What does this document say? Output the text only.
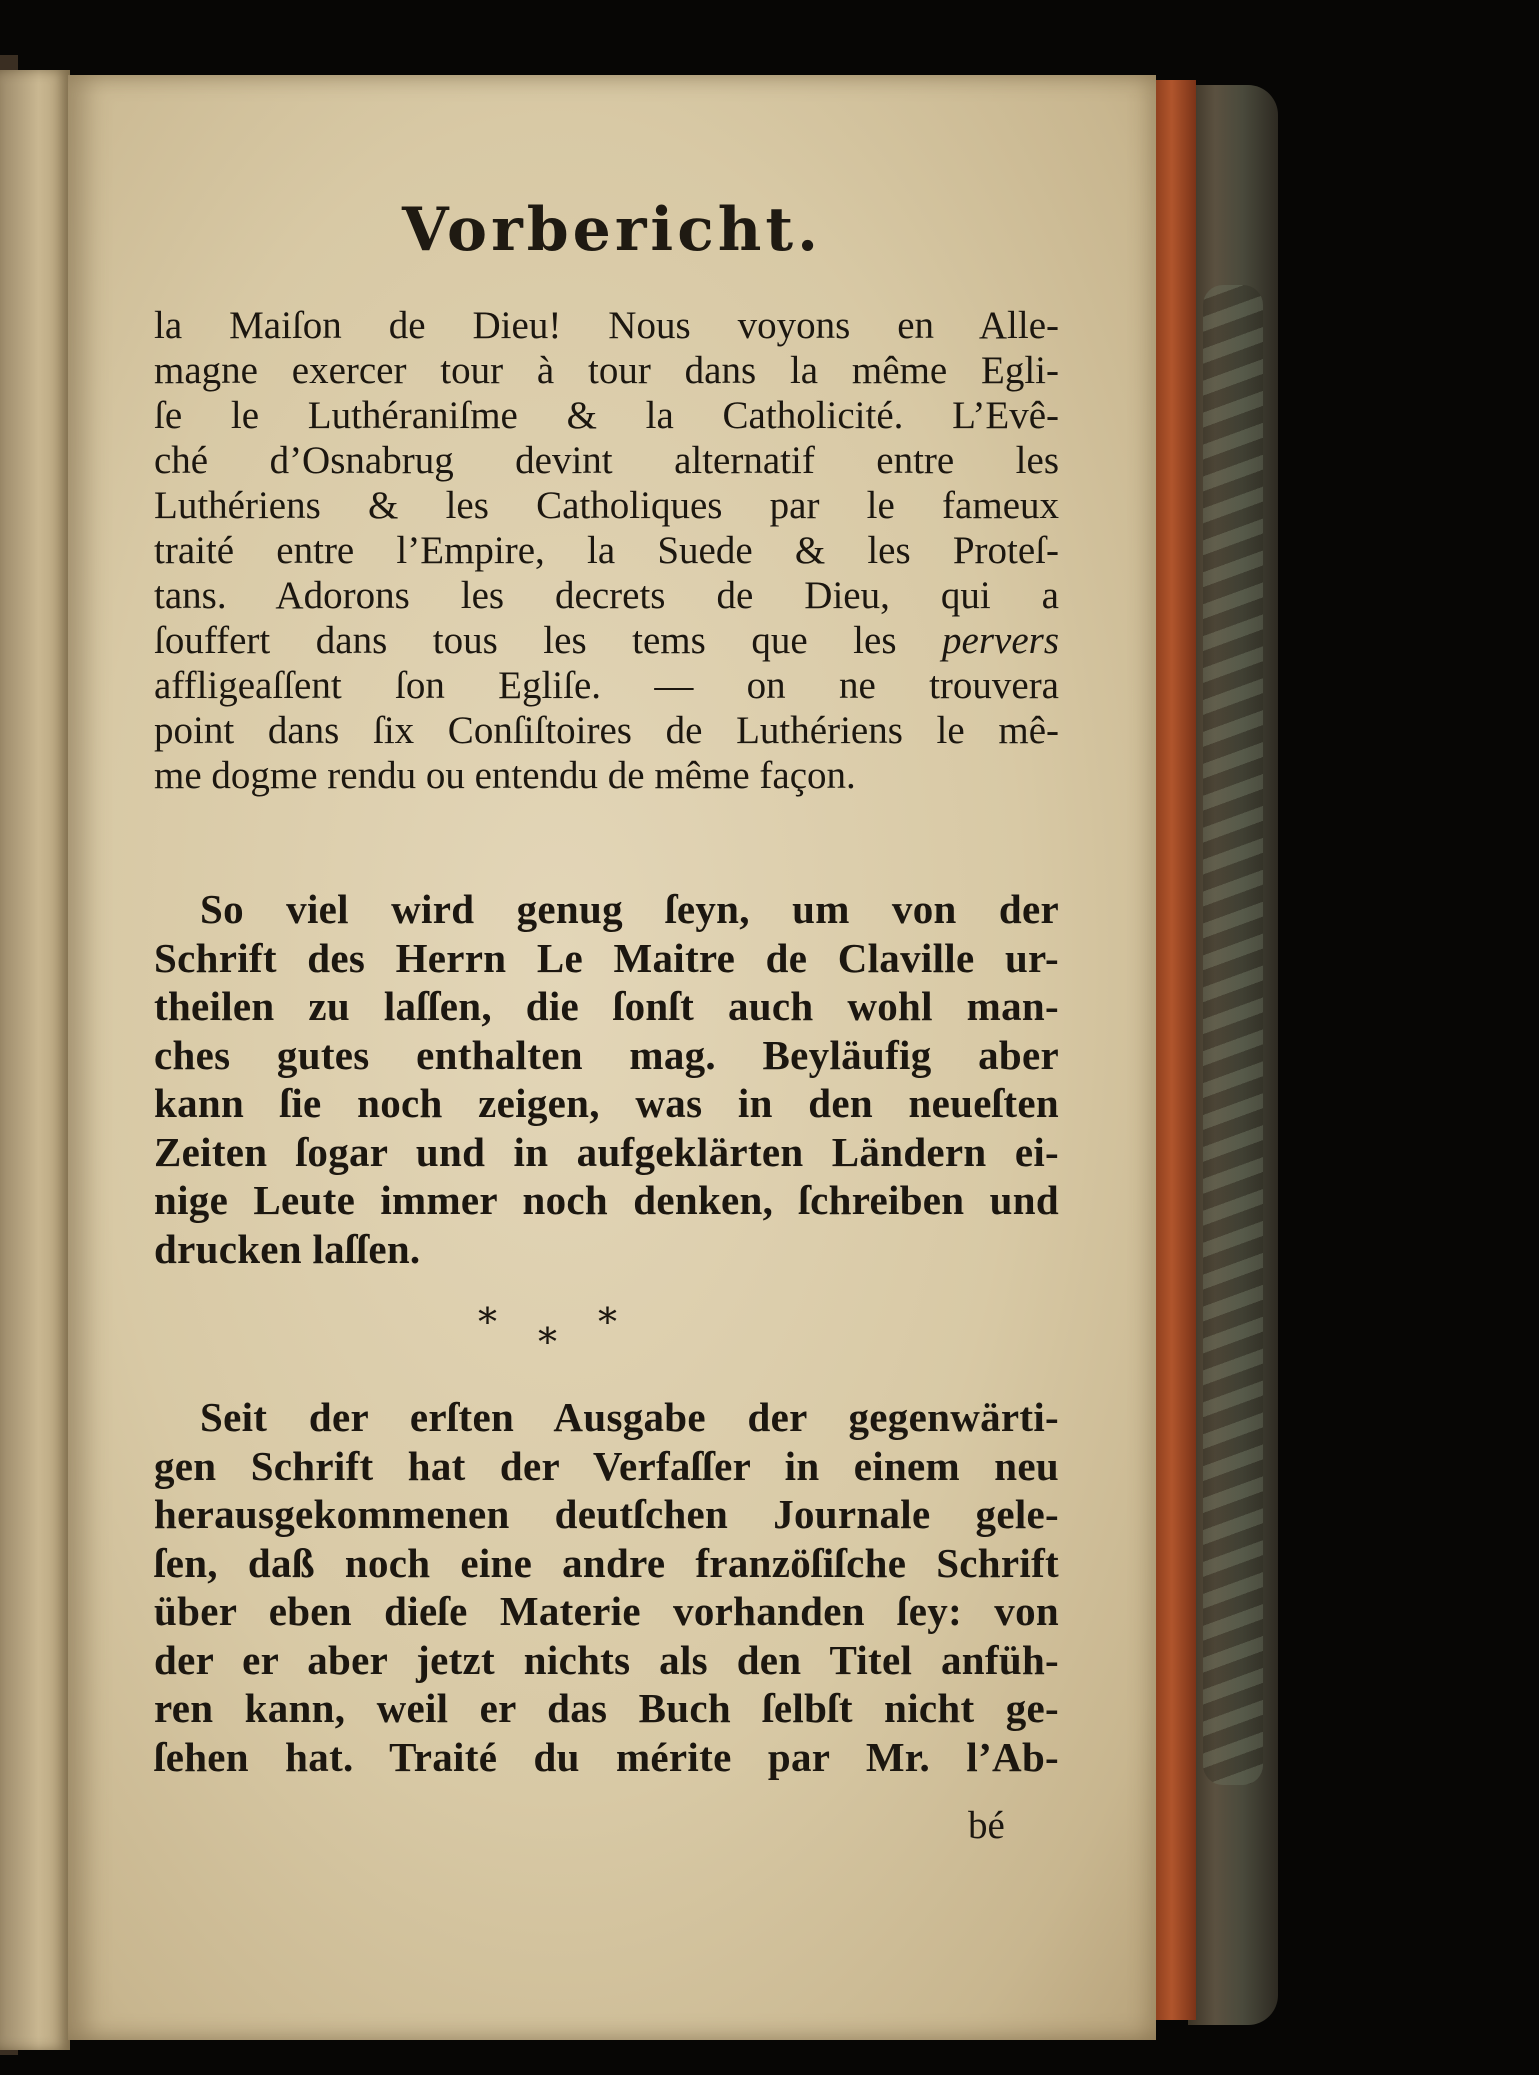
Vorbericht.
la Maiſon de Dieu! Nous voyons en Alle-
magne exercer tour à tour dans la même Egli-
ſe le Luthéraniſme & la Catholicité. L’Evê-
ché d’Osnabrug devint alternatif entre les
Luthériens & les Catholiques par le fameux
traité entre l’Empire, la Suede & les Proteſ-
tans. Adorons les decrets de Dieu, qui a
ſouffert dans tous les tems que les pervers
affligeaſſent ſon Egliſe. — on ne trouvera
point dans ſix Conſiſtoires de Luthériens le mê-
me dogme rendu ou entendu de même façon.
So viel wird genug ſeyn, um von der
Schrift des Herrn Le Maitre de Claville ur-
theilen zu laſſen, die ſonſt auch wohl man-
ches gutes enthalten mag. Beyläufig aber
kann ſie noch zeigen, was in den neueſten
Zeiten ſogar und in aufgeklärten Ländern ei-
nige Leute immer noch denken, ſchreiben und
drucken laſſen.
* * *
Seit der erſten Ausgabe der gegenwärti-
gen Schrift hat der Verfaſſer in einem neu
herausgekommenen deutſchen Journale gele-
ſen, daß noch eine andre franzöſiſche Schrift
über eben dieſe Materie vorhanden ſey: von
der er aber jetzt nichts als den Titel anfüh-
ren kann, weil er das Buch ſelbſt nicht ge-
ſehen hat. Traité du mérite par Mr. l’Ab-
bé
